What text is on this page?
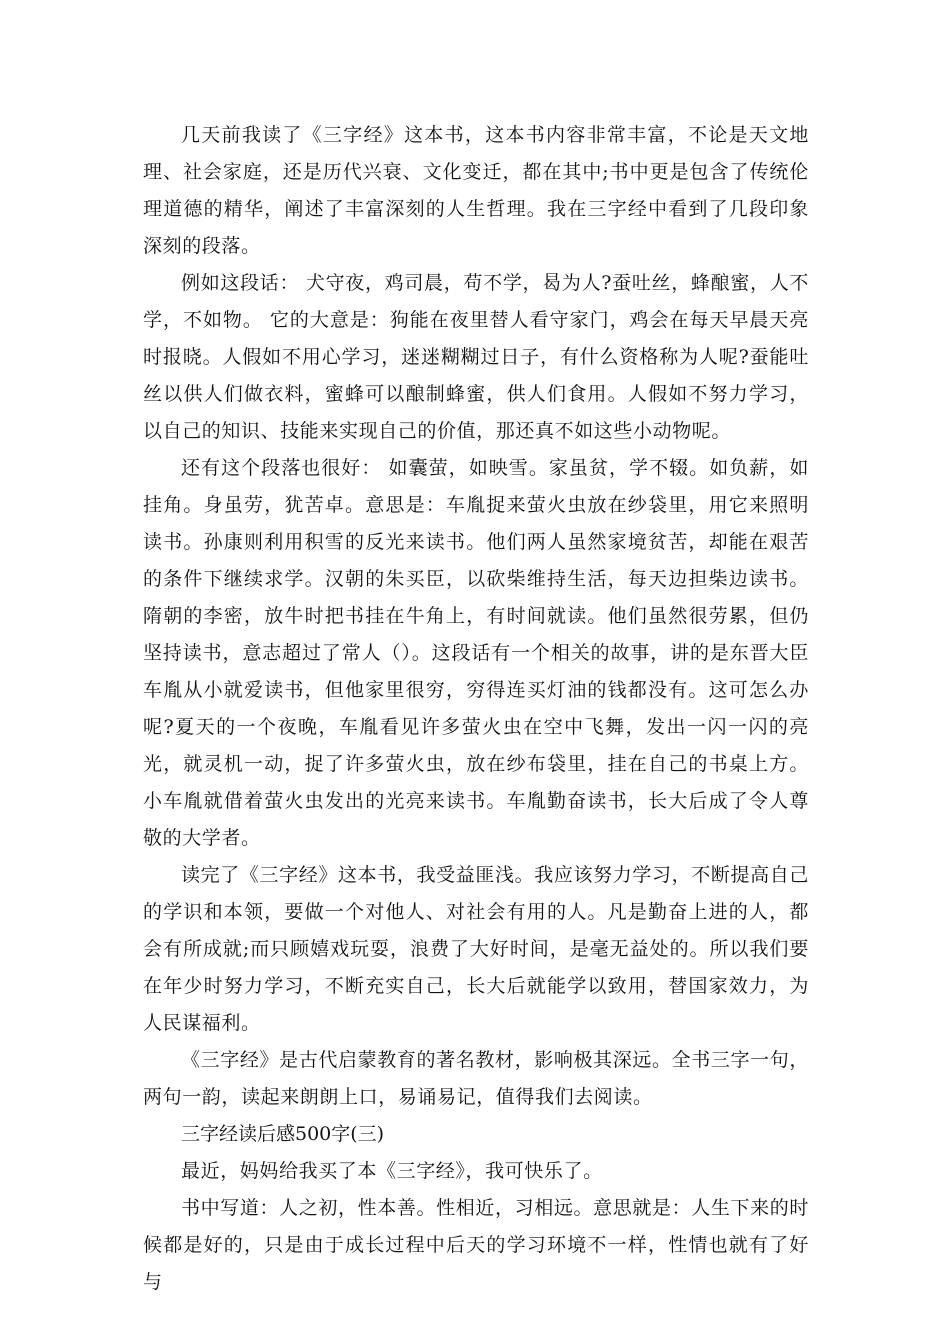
几天前我读了《三字经》这本书，这本书内容非常丰富，不论是天文地理、社会家庭，还是历代兴衰、文化变迁，都在其中;书中更是包含了传统伦理道德的精华，阐述了丰富深刻的人生哲理。我在三字经中看到了几段印象深刻的段落。

例如这段话： 犬守夜，鸡司晨，苟不学，曷为人?蚕吐丝，蜂酿蜜，人不学，不如物。 它的大意是：狗能在夜里替人看守家门，鸡会在每天早晨天亮时报晓。人假如不用心学习，迷迷糊糊过日子，有什么资格称为人呢?蚕能吐丝以供人们做衣料，蜜蜂可以酿制蜂蜜，供人们食用。人假如不努力学习，以自己的知识、技能来实现自己的价值，那还真不如这些小动物呢。

还有这个段落也很好： 如囊萤，如映雪。家虽贫，学不辍。如负薪，如挂角。身虽劳，犹苦卓。意思是：车胤捉来萤火虫放在纱袋里，用它来照明读书。孙康则利用积雪的反光来读书。他们两人虽然家境贫苦，却能在艰苦的条件下继续求学。汉朝的朱买臣，以砍柴维持生活，每天边担柴边读书。隋朝的李密，放牛时把书挂在牛角上，有时间就读。他们虽然很劳累，但仍坚持读书，意志超过了常人（）。这段话有一个相关的故事，讲的是东晋大臣车胤从小就爱读书，但他家里很穷，穷得连买灯油的钱都没有。这可怎么办呢?夏天的一个夜晚，车胤看见许多萤火虫在空中飞舞，发出一闪一闪的亮光，就灵机一动，捉了许多萤火虫，放在纱布袋里，挂在自己的书桌上方。小车胤就借着萤火虫发出的光亮来读书。车胤勤奋读书，长大后成了令人尊敬的大学者。

读完了《三字经》这本书，我受益匪浅。我应该努力学习，不断提高自己的学识和本领，要做一个对他人、对社会有用的人。凡是勤奋上进的人，都会有所成就;而只顾嬉戏玩耍，浪费了大好时间，是毫无益处的。所以我们要在年少时努力学习，不断充实自己，长大后就能学以致用，替国家效力，为人民谋福利。

《三字经》是古代启蒙教育的著名教材，影响极其深远。全书三字一句，两句一韵，读起来朗朗上口，易诵易记，值得我们去阅读。

三字经读后感500字(三)

最近，妈妈给我买了本《三字经》，我可快乐了。

书中写道：人之初，性本善。性相近，习相远。意思就是：人生下来的时候都是好的，只是由于成长过程中后天的学习环境不一样，性情也就有了好与
